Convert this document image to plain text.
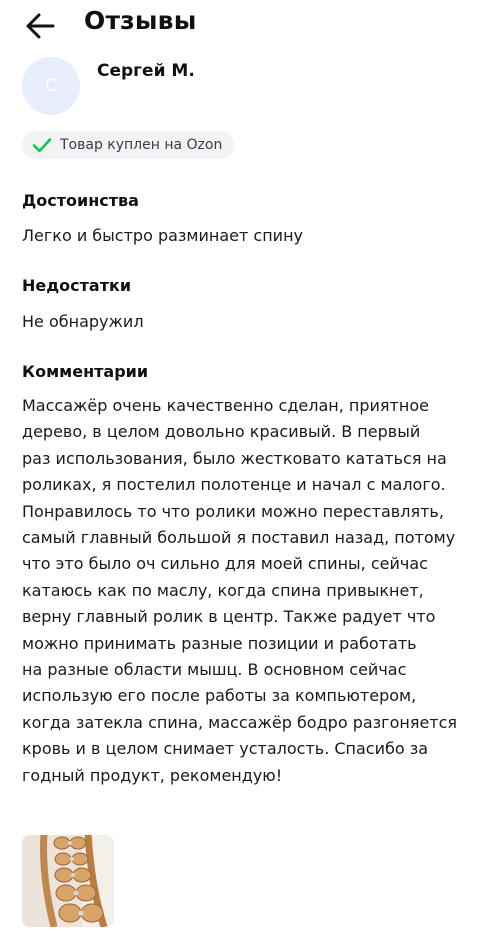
Отзывы
С
Сергей М.
Товар куплен на Ozon
Достоинства
Легко и быстро разминает спину
Недостатки
Не обнаружил
Комментарии
Массажёр очень качественно сделан, приятное
дерево, в целом довольно красивый. В первый
раз использования, было жестковато кататься на
роликах, я постелил полотенце и начал с малого.
Понравилось то что ролики можно переставлять,
самый главный большой я поставил назад, потому
что это было оч сильно для моей спины, сейчас
катаюсь как по маслу, когда спина привыкнет,
верну главный ролик в центр. Также радует что
можно принимать разные позиции и работать
на разные области мышц. В основном сейчас
использую его после работы за компьютером,
когда затекла спина, массажёр бодро разгоняется
кровь и в целом снимает усталость. Спасибо за
годный продукт, рекомендую!
